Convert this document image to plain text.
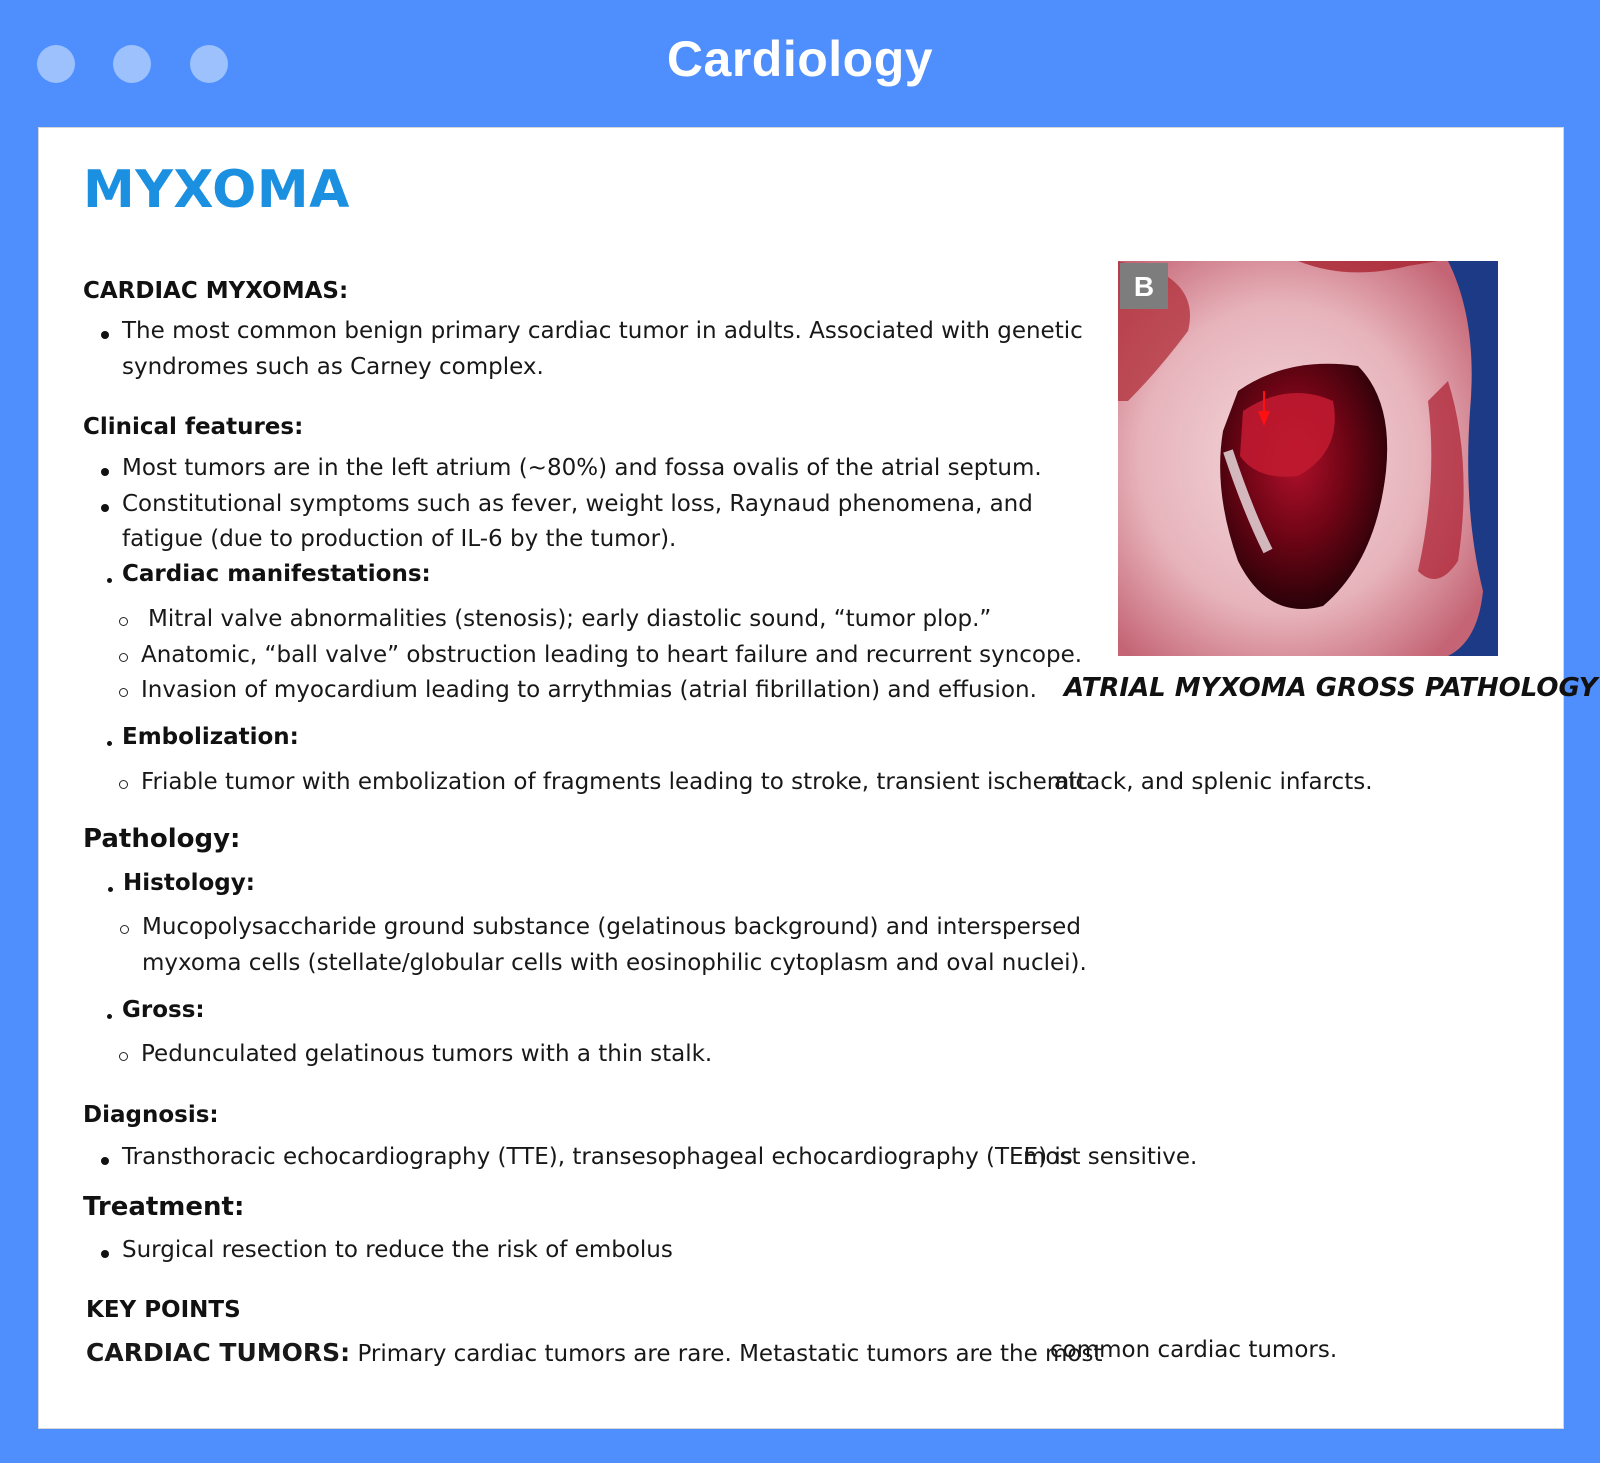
Cardiology
MYXOMA

CARDIAC MYXOMAS:

The most common benign primary cardiac tumor in adults. Associated with genetic

syndromes such as Carney complex.

Clinical features:

Most tumors are in the left atrium (~80%) and fossa ovalis of the atrial septum.

Constitutional symptoms such as fever, weight loss, Raynaud phenomena, and

fatigue (due to production of IL-6 by the tumor).

Cardiac manifestations:

Mitral valve abnormalities (stenosis); early diastolic sound, “tumor plop.”

Anatomic, “ball valve” obstruction leading to heart failure and recurrent syncope.

Invasion of myocardium leading to arrythmias (atrial fibrillation) and effusion.

Embolization:

Friable tumor with embolization of fragments leading to stroke, transient ischemic

attack, and splenic infarcts.

Pathology:

Histology:

Mucopolysaccharide ground substance (gelatinous background) and interspersed

myxoma cells (stellate/globular cells with eosinophilic cytoplasm and oval nuclei).

Gross:

Pedunculated gelatinous tumors with a thin stalk.

Diagnosis:

Transthoracic echocardiography (TTE), transesophageal echocardiography (TEE) is

most sensitive.

Treatment:

Surgical resection to reduce the risk of embolus

KEY POINTS

CARDIAC TUMORS: Primary cardiac tumors are rare. Metastatic tumors are the most

common cardiac tumors.

B

ATRIAL MYXOMA GROSS PATHOLOGY
